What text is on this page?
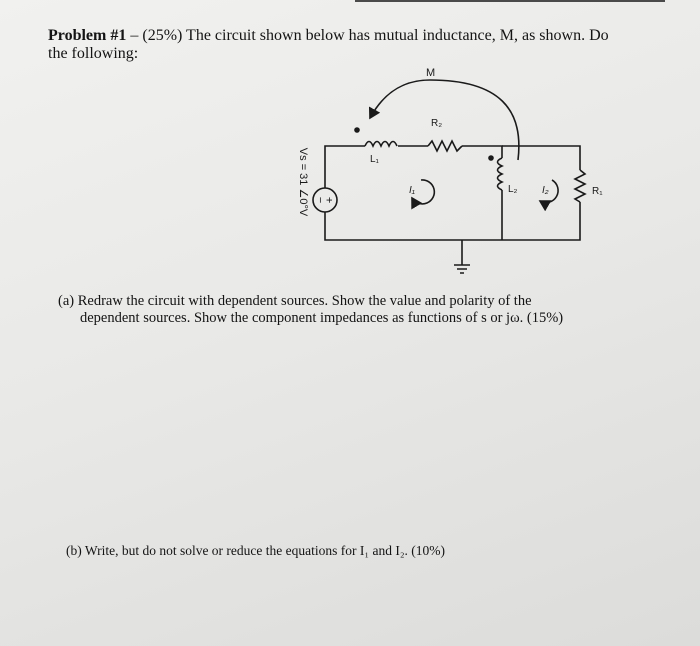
Problem #1 – (25%) The circuit shown below has mutual inductance, M, as shown. Do
the following:

M
R₂
L₁
L₂	R₁
I₁	I₂
+
−
Vs = 31 ∠0°V

(a) Redraw the circuit with dependent sources. Show the value and polarity of the
dependent sources. Show the component impedances as functions of s or jω. (15%)

(b) Write, but do not solve or reduce the equations for I₁ and I₂. (10%)
